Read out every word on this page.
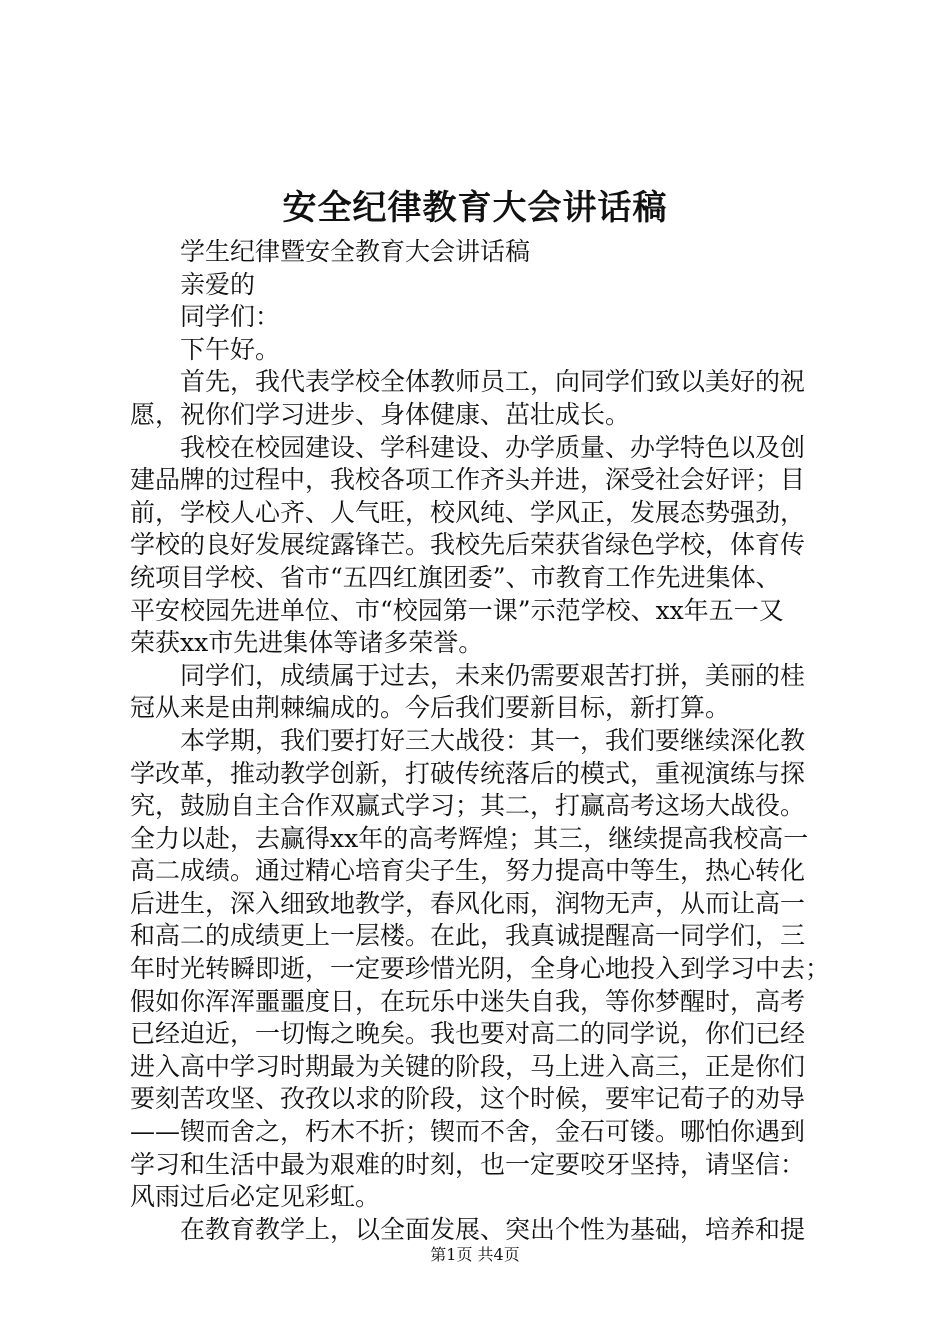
安全纪律教育大会讲话稿
学生纪律暨安全教育大会讲话稿
亲爱的
同学们：
下午好。
首先，我代表学校全体教师员工，向同学们致以美好的祝
愿，祝你们学习进步、身体健康、茁壮成长。
我校在校园建设、学科建设、办学质量、办学特色以及创
建品牌的过程中，我校各项工作齐头并进，深受社会好评；目
前，学校人心齐、人气旺，校风纯、学风正，发展态势强劲，
学校的良好发展绽露锋芒。我校先后荣获省绿色学校，体育传
统项目学校、省市“五四红旗团委”、市教育工作先进集体、
平安校园先进单位、市“校园第一课”示范学校、xx年五一又
荣获xx市先进集体等诸多荣誉。
同学们，成绩属于过去，未来仍需要艰苦打拼，美丽的桂
冠从来是由荆棘编成的。今后我们要新目标，新打算。
本学期，我们要打好三大战役：其一，我们要继续深化教
学改革，推动教学创新，打破传统落后的模式，重视演练与探
究，鼓励自主合作双赢式学习；其二，打赢高考这场大战役。
全力以赴，去赢得xx年的高考辉煌；其三，继续提高我校高一
高二成绩。通过精心培育尖子生，努力提高中等生，热心转化
后进生，深入细致地教学，春风化雨，润物无声，从而让高一
和高二的成绩更上一层楼。在此，我真诚提醒高一同学们，三
年时光转瞬即逝，一定要珍惜光阴，全身心地投入到学习中去；
假如你浑浑噩噩度日，在玩乐中迷失自我，等你梦醒时，高考
已经迫近，一切悔之晚矣。我也要对高二的同学说，你们已经
进入高中学习时期最为关键的阶段，马上进入高三，正是你们
要刻苦攻坚、孜孜以求的阶段，这个时候，要牢记荀子的劝导
——锲而舍之，朽木不折；锲而不舍，金石可镂。哪怕你遇到
学习和生活中最为艰难的时刻，也一定要咬牙坚持，请坚信：
风雨过后必定见彩虹。
在教育教学上，以全面发展、突出个性为基础，培养和提
第1页 共4页
